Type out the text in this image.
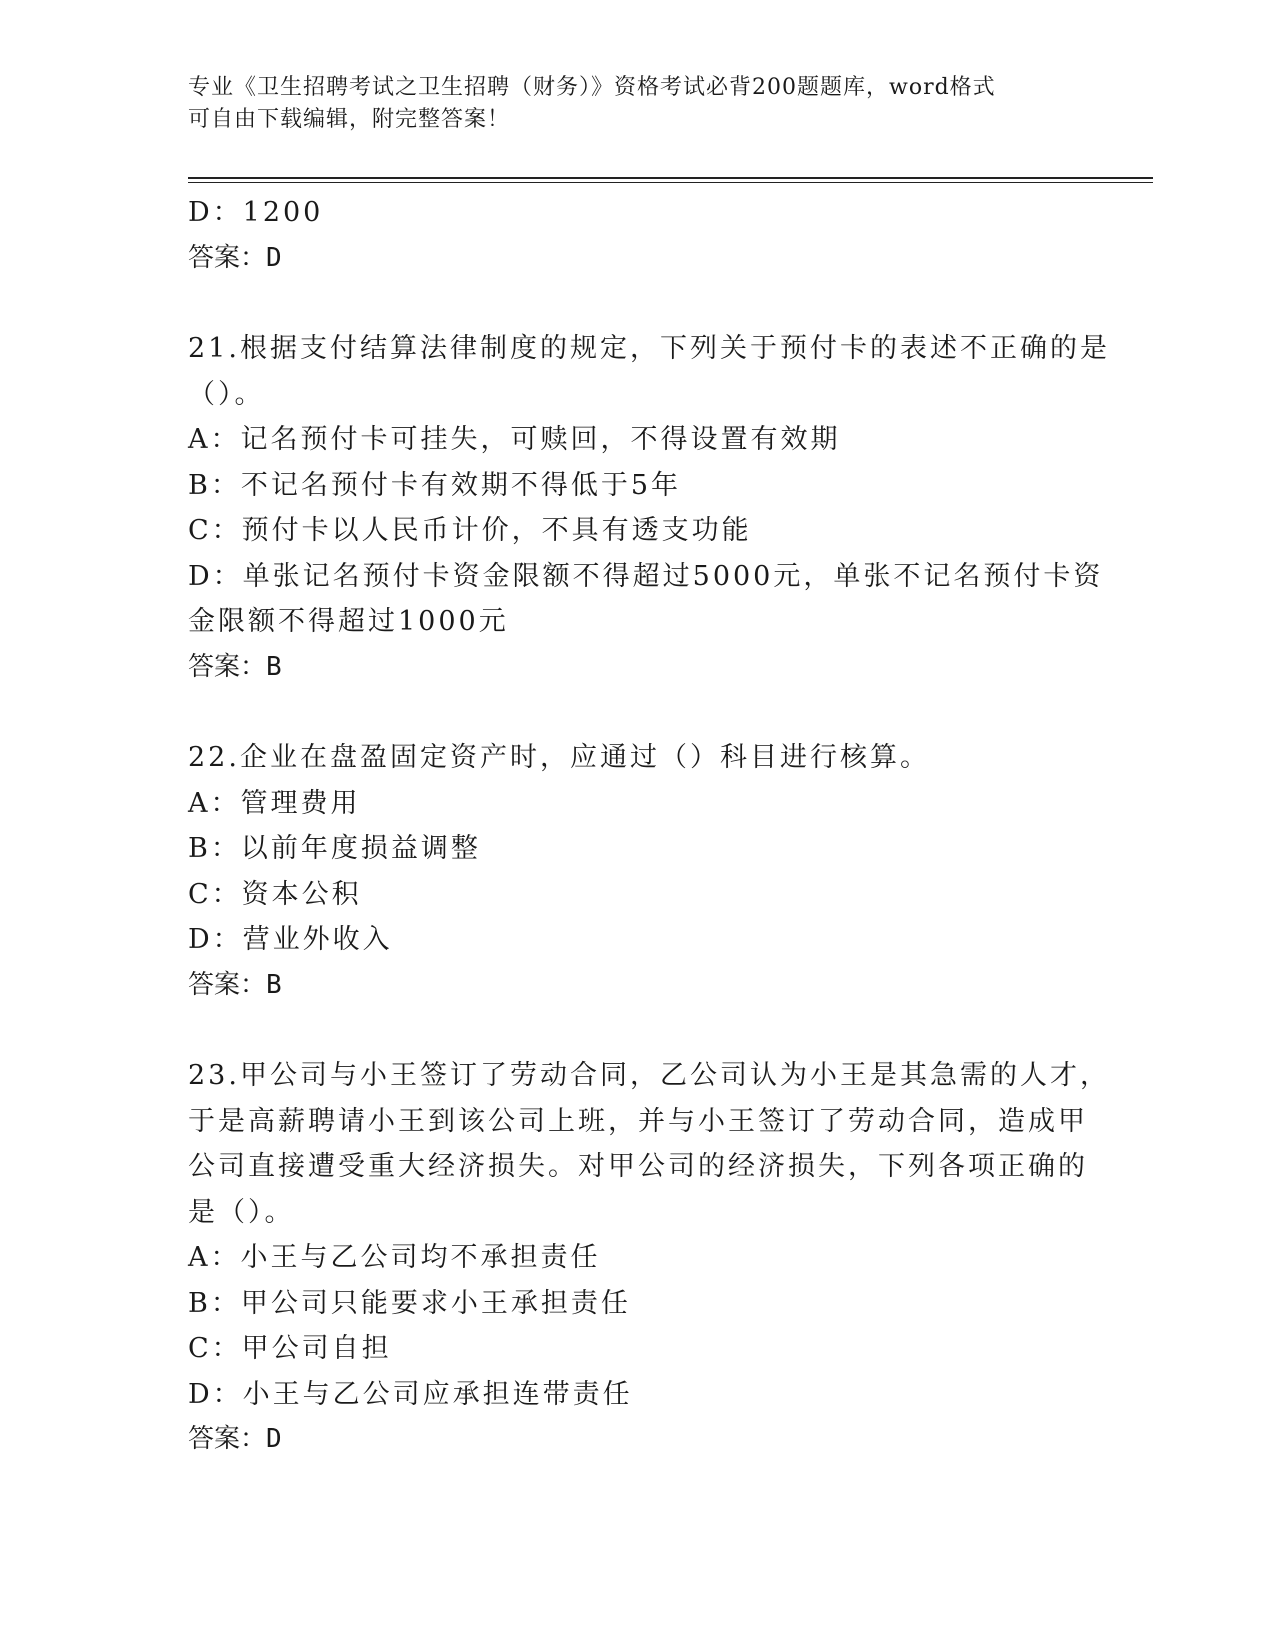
专业《卫生招聘考试之卫生招聘（财务）》资格考试必背200题题库，word格式
可自由下载编辑，附完整答案！
D：1200
答案：D
21.根据支付结算法律制度的规定，下列关于预付卡的表述不正确的是
（）。
A：记名预付卡可挂失，可赎回，不得设置有效期
B：不记名预付卡有效期不得低于5年
C：预付卡以人民币计价，不具有透支功能
D：单张记名预付卡资金限额不得超过5000元，单张不记名预付卡资
金限额不得超过1000元
答案：B
22.企业在盘盈固定资产时，应通过（）科目进行核算。
A：管理费用
B：以前年度损益调整
C：资本公积
D：营业外收入
答案：B
23.甲公司与小王签订了劳动合同，乙公司认为小王是其急需的人才，
于是高薪聘请小王到该公司上班，并与小王签订了劳动合同，造成甲
公司直接遭受重大经济损失。对甲公司的经济损失，下列各项正确的
是（）。
A：小王与乙公司均不承担责任
B：甲公司只能要求小王承担责任
C：甲公司自担
D：小王与乙公司应承担连带责任
答案：D
